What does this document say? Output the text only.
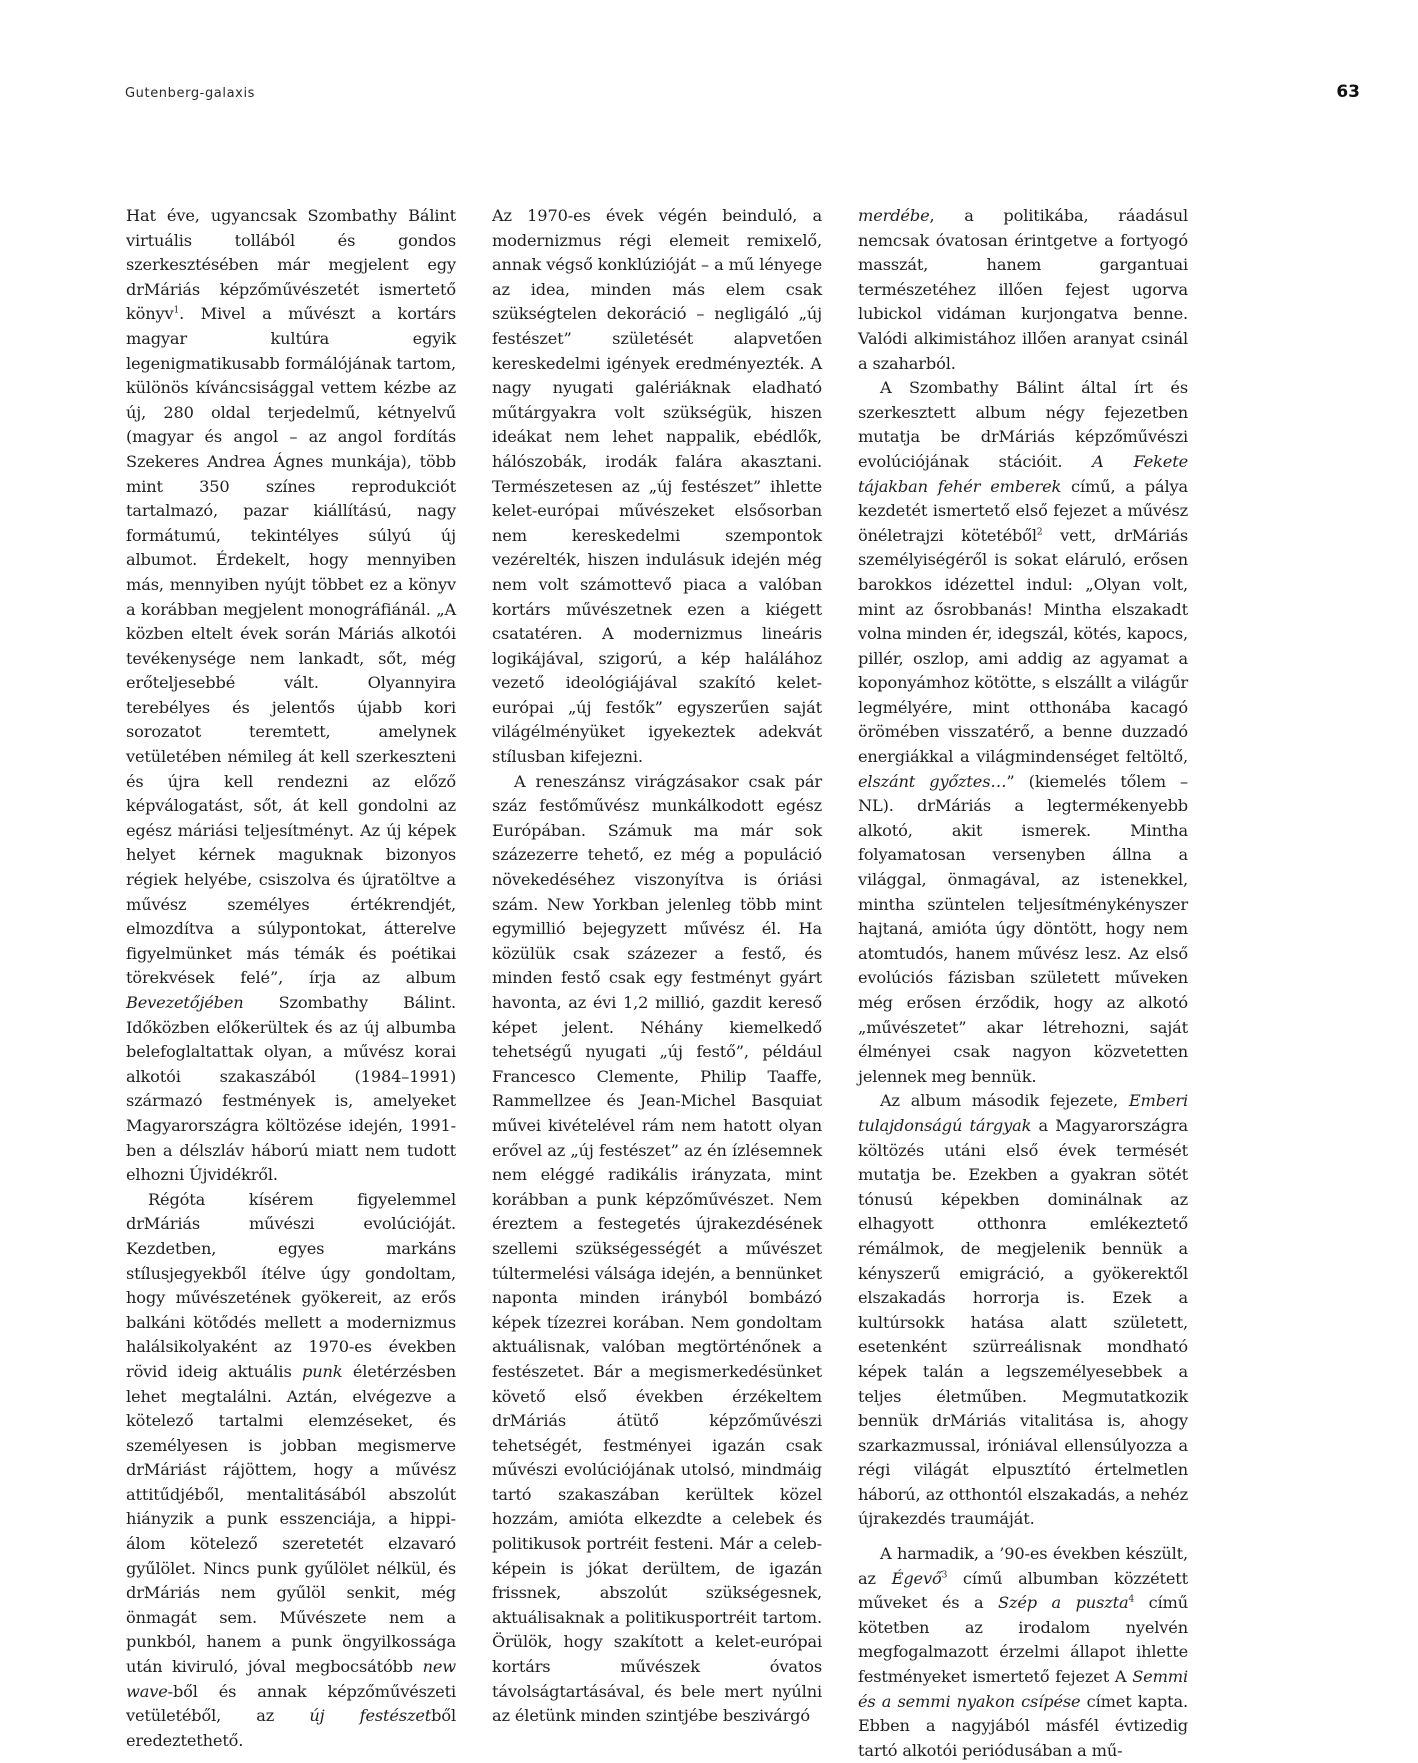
Gutenberg-galaxis	63

Hat éve, ugyancsak Szombathy Bálint virtuális tollából és gondos szerkesztésében már megjelent egy drMáriás képzőművészetét ismertető könyv$^1$. Mivel a művészt a kortárs magyar kultúra egyik legenigmatikusabb formálójának tartom, különös kíváncsisággal vettem kézbe az új, 280 oldal terjedelmű, kétnyelvű (magyar és angol – az angol fordítás Szekeres Andrea Ágnes munkája), több mint 350 színes reprodukciót tartalmazó, pazar kiállítású, nagy formátumú, tekintélyes súlyú új albumot. Érdekelt, hogy mennyiben más, mennyiben nyújt többet ez a könyv a korábban megjelent monográfiánál. „A közben eltelt évek során Máriás alkotói tevékenysége nem lankadt, sőt, még erőteljesebbé vált. Olyannyira terebélyes és jelentős újabb kori sorozatot teremtett, amelynek vetületében némileg át kell szerkeszteni és újra kell rendezni az előző képválogatást, sőt, át kell gondolni az egész máriási teljesítményt. Az új képek helyet kérnek maguknak bizonyos régiek helyébe, csiszolva és újratöltve a művész személyes értékrendjét, elmozdítva a súlypontokat, átterelve figyelmünket más témák és poétikai törekvések felé”, írja az album Bevezetőjében Szombathy Bálint. Időközben előkerültek és az új albumba belefoglaltattak olyan, a művész korai alkotói szakaszából (1984–1991) származó festmények is, amelyeket Magyarországra költözése idején, 1991-ben a délszláv háború miatt nem tudott elhozni Újvidékről.

Régóta kísérem figyelemmel drMáriás művészi evolúcióját. Kezdetben, egyes markáns stílusjegyekből ítélve úgy gondoltam, hogy művészetének gyökereit, az erős balkáni kötődés mellett a modernizmus halálsikolyaként az 1970-es években rövid ideig aktuális punk életérzésben lehet megtalálni. Aztán, elvégezve a kötelező tartalmi elemzéseket, és személyesen is jobban megismerve drMáriást rájöttem, hogy a művész attitűdjéből, mentalitásából abszolút hiányzik a punk esszenciája, a hippi-álom kötelező szeretetét elzavaró gyűlölet. Nincs punk gyűlölet nélkül, és drMáriás nem gyűlöl senkit, még önmagát sem. Művészete nem a punkból, hanem a punk öngyilkossága után kivirulό, jóval megbocsátóbb new wave-ből és annak képzőművészeti vetületéből, az új festészetből eredeztethető.

Az 1970-es évek végén beinduló, a modernizmus régi elemeit remixelő, annak végső konklúzióját – a mű lényege az idea, minden más elem csak szükségtelen dekoráció – negligáló „új festészet” születését alapvetően kereskedelmi igények eredményezték. A nagy nyugati galériáknak eladható műtárgyakra volt szükségük, hiszen ideákat nem lehet nappalik, ebédlők, hálószobák, irodák falára akasztani. Természetesen az „új festészet” ihlette kelet-európai művészeket elsősorban nem kereskedelmi szempontok vezérelték, hiszen indulásuk idején még nem volt számottevő piaca a valóban kortárs művészetnek ezen a kiégett csatatéren. A modernizmus lineáris logikájával, szigorú, a kép halálához vezető ideológiájával szakító kelet-európai „új festők” egyszerűen saját világélményüket igyekeztek adekvát stílusban kifejezni.

A reneszánsz virágzásakor csak pár száz festőművész munkálkodott egész Európában. Számuk ma már sok százezerre tehető, ez még a populáció növekedéséhez viszonyítva is óriási szám. New Yorkban jelenleg több mint egymillió bejegyzett művész él. Ha közülük csak százezer a festő, és minden festő csak egy festményt gyárt havonta, az évi 1,2 millió, gazdit kereső képet jelent. Néhány kiemelkedő tehetségű nyugati „új festő”, például Francesco Clemente, Philip Taaffe, Rammellzee és Jean-Michel Basquiat művei kivételével rám nem hatott olyan erővel az „új festészet” az én ízlésemnek nem eléggé radikális irányzata, mint korábban a punk képzőművészet. Nem éreztem a festegetés újrakezdésének szellemi szükségességét a művészet túltermelési válsága idején, a bennünket naponta minden irányból bombázó képek tízezrei korában. Nem gondoltam aktuálisnak, valóban megtörténőnek a festészetet. Bár a megismerkedésünket követő első években érzékeltem drMáriás átütő képzőművészi tehetségét, festményei igazán csak művészi evolúciójának utolsó, mindmáig tartó szakaszában kerültek közel hozzám, amióta elkezdte a celebek és politikusok portréit festeni. Már a celeb-képein is jókat derültem, de igazán frissnek, abszolút szükségesnek, aktuálisaknak a politikusportréit tartom. Örülök, hogy szakított a kelet-európai kortárs művészek óvatos távolságtartásával, és bele mert nyúlni az életünk minden szintjébe beszivárgó

merdébe, a politikába, ráadásul nemcsak óvatosan érintgetve a fortyogó masszát, hanem gargantuai természetéhez illően fejest ugorva lubickol vidáman kurjongatva benne. Valódi alkimistához illően aranyat csinál a szaharból.

A Szombathy Bálint által írt és szerkesztett album négy fejezetben mutatja be drMáriás képzőművészi evolúciójának stációit. A Fekete tájakban fehér emberek című, a pálya kezdetét ismertető első fejezet a művész önéletrajzi kötetéből$^2$ vett, drMáriás személyiségéről is sokat eláruló, erősen barokkos idézettel indul: „Olyan volt, mint az ősrobbanás! Mintha elszakadt volna minden ér, idegszál, kötés, kapocs, pillér, oszlop, ami addig az agyamat a koponyámhoz kötötte, s elszállt a világűr legmélyére, mint otthonába kacagó örömében visszatérő, a benne duzzadó energiákkal a világmindenséget feltöltő, elszánt győztes…” (kiemelés tőlem – NL). drMáriás a legtermékenyebb alkotó, akit ismerek. Mintha folyamatosan versenyben állna a világgal, önmagával, az istenekkel, mintha szüntelen teljesítménykényszer hajtaná, amióta úgy döntött, hogy nem atomtudós, hanem művész lesz. Az első evolúciós fázisban született műveken még erősen érződik, hogy az alkotó „művészetet” akar létrehozni, saját élményei csak nagyon közvetetten jelennek meg bennük.

Az album második fejezete, Emberi tulajdonságú tárgyak a Magyarországra költözés utáni első évek termését mutatja be. Ezekben a gyakran sötét tónusú képekben dominálnak az elhagyott otthonra emlékeztető rémálmok, de megjelenik bennük a kényszerű emigráció, a gyökerektől elszakadás horrorja is. Ezek a kultúrsokk hatása alatt született, esetenként szürreálisnak mondható képek talán a legszemélyesebbek a teljes életműben. Megmutatkozik bennük drMáriás vitalitása is, ahogy szarkazmussal, iróniával ellensúlyozza a régi világát elpusztító értelmetlen háború, az otthontól elszakadás, a nehéz újrakezdés traumáját.

A harmadik, a ’90-es években készült, az Égevő$^3$ című albumban közzétett műveket és a Szép a puszta$^4$ című kötetben az irodalom nyelvén megfogalmazott érzelmi állapot ihlette festményeket ismertető fejezet A Semmi és a semmi nyakon csípése címet kapta. Ebben a nagyjából másfél évtizedig tartó alkotói periódusában a mű-
